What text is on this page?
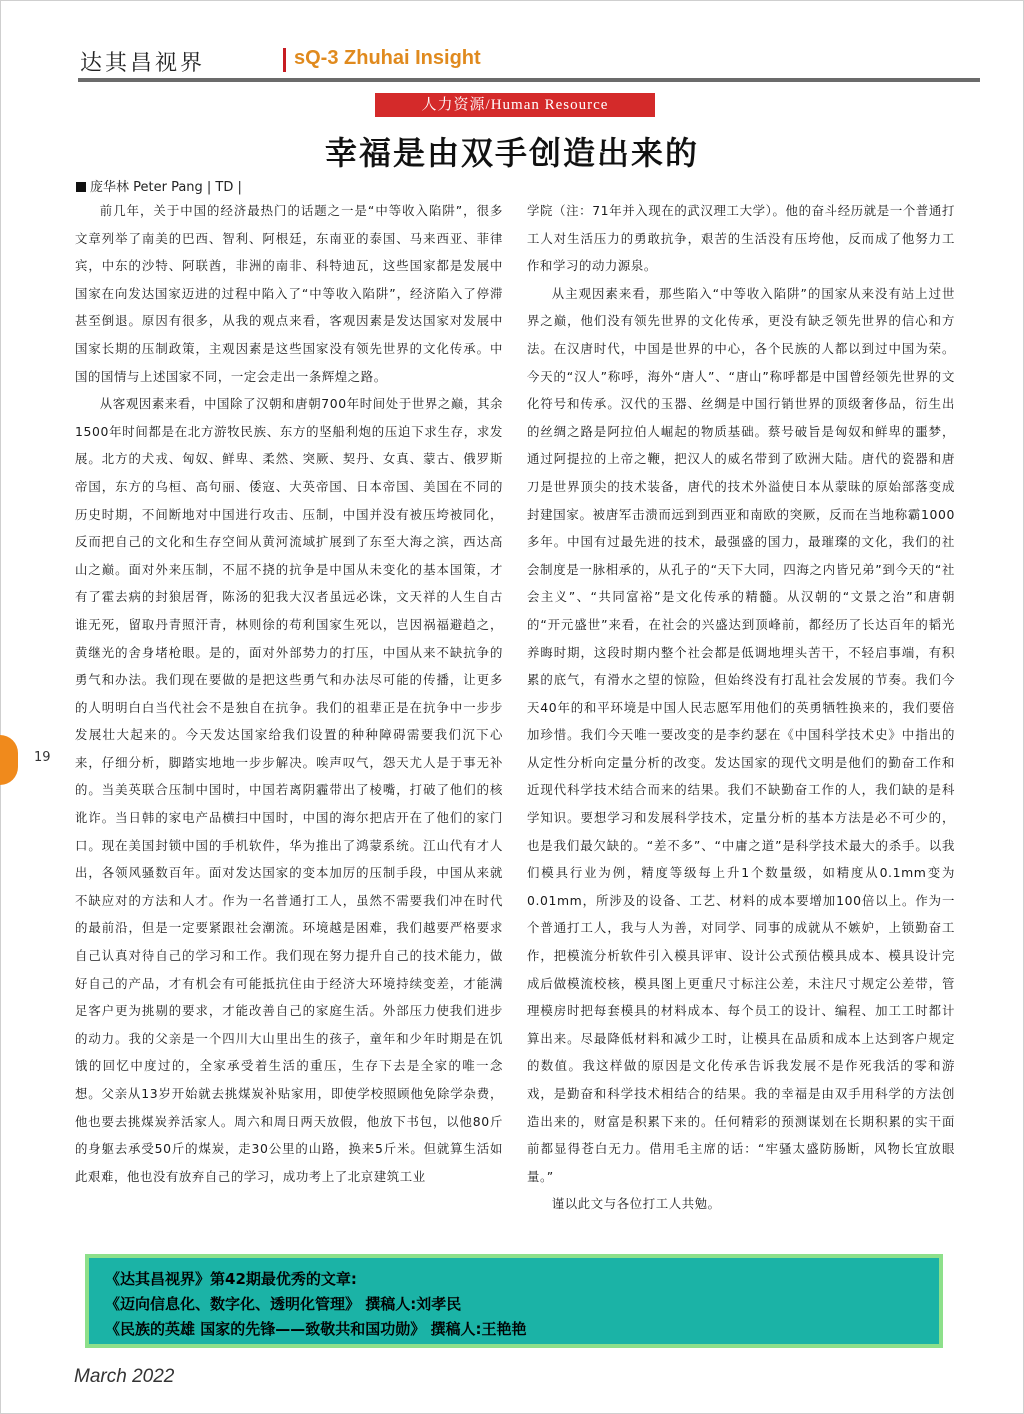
达其昌视界	sQ-3 Zhuhai Insight
人力资源/Human Resource
幸福是由双手创造出来的
庞华林 Peter Pang | TD |

前几年，关于中国的经济最热门的话题之一是“中等收入陷阱”，很多文章列举了南美的巴西、智利、阿根廷，东南亚的泰国、马来西亚、菲律宾，中东的沙特、阿联酋，非洲的南非、科特迪瓦，这些国家都是发展中国家在向发达国家迈进的过程中陷入了“中等收入陷阱”，经济陷入了停滞甚至倒退。原因有很多，从我的观点来看，客观因素是发达国家对发展中国家长期的压制政策，主观因素是这些国家没有领先世界的文化传承。中国的国情与上述国家不同，一定会走出一条辉煌之路。

从客观因素来看，中国除了汉朝和唐朝700年时间处于世界之巅，其余1500年时间都是在北方游牧民族、东方的坚船利炮的压迫下求生存，求发展。北方的犬戎、匈奴、鲜卑、柔然、突厥、契丹、女真、蒙古、俄罗斯帝国，东方的乌桓、高句丽、倭寇、大英帝国、日本帝国、美国在不同的历史时期，不间断地对中国进行攻击、压制，中国并没有被压垮被同化，反而把自己的文化和生存空间从黄河流域扩展到了东至大海之滨，西达高山之巅。面对外来压制，不屈不挠的抗争是中国从未变化的基本国策，才有了霍去病的封狼居胥，陈汤的犯我大汉者虽远必诛，文天祥的人生自古谁无死，留取丹青照汗青，林则徐的苟利国家生死以，岂因祸福避趋之，黄继光的舍身堵枪眼。是的，面对外部势力的打压，中国从来不缺抗争的勇气和办法。我们现在要做的是把这些勇气和办法尽可能的传播，让更多的人明明白白当代社会不是独自在抗争。我们的祖辈正是在抗争中一步步发展壮大起来的。今天发达国家给我们设置的种种障碍需要我们沉下心来，仔细分析，脚踏实地地一步步解决。唉声叹气，怨天尤人是于事无补的。当美英联合压制中国时，中国若离阴霾带出了棱嘴，打破了他们的核讹诈。当日韩的家电产品横扫中国时，中国的海尔把店开在了他们的家门口。现在美国封锁中国的手机软件，华为推出了鸿蒙系统。江山代有才人出，各领风骚数百年。面对发达国家的变本加厉的压制手段，中国从来就不缺应对的方法和人才。作为一名普通打工人，虽然不需要我们冲在时代的最前沿，但是一定要紧跟社会潮流。环境越是困难，我们越要严格要求自己认真对待自己的学习和工作。我们现在努力提升自己的技术能力，做好自己的产品，才有机会有可能抵抗住由于经济大环境持续变差，才能满足客户更为挑剔的要求，才能改善自己的家庭生活。外部压力使我们进步的动力。我的父亲是一个四川大山里出生的孩子，童年和少年时期是在饥饿的回忆中度过的，全家承受着生活的重压，生存下去是全家的唯一念想。父亲从13岁开始就去挑煤炭补贴家用，即使学校照顾他免除学杂费，他也要去挑煤炭养活家人。周六和周日两天放假，他放下书包，以他80斤的身躯去承受50斤的煤炭，走30公里的山路，换来5斤米。但就算生活如此艰难，他也没有放弃自己的学习，成功考上了北京建筑工业

学院（注：71年并入现在的武汉理工大学）。他的奋斗经历就是一个普通打工人对生活压力的勇敢抗争，艰苦的生活没有压垮他，反而成了他努力工作和学习的动力源泉。

从主观因素来看，那些陷入“中等收入陷阱”的国家从来没有站上过世界之巅，他们没有领先世界的文化传承，更没有缺乏领先世界的信心和方法。在汉唐时代，中国是世界的中心，各个民族的人都以到过中国为荣。今天的“汉人”称呼，海外“唐人”、“唐山”称呼都是中国曾经领先世界的文化符号和传承。汉代的玉器、丝绸是中国行销世界的顶级奢侈品，衍生出的丝绸之路是阿拉伯人崛起的物质基础。蔡号破旨是匈奴和鲜卑的噩梦，通过阿提拉的上帝之鞭，把汉人的威名带到了欧洲大陆。唐代的瓷器和唐刀是世界顶尖的技术装备，唐代的技术外溢使日本从蒙昧的原始部落变成封建国家。被唐军击溃而远到到西亚和南欧的突厥，反而在当地称霸1000多年。中国有过最先进的技术，最强盛的国力，最璀璨的文化，我们的社会制度是一脉相承的，从孔子的“天下大同，四海之内皆兄弟”到今天的“社会主义”、“共同富裕”是文化传承的精髓。从汉朝的“文景之治”和唐朝的“开元盛世”来看，在社会的兴盛达到顶峰前，都经历了长达百年的韬光养晦时期，这段时期内整个社会都是低调地埋头苦干，不轻启事端，有积累的底气，有滑水之望的惊险，但始终没有打乱社会发展的节奏。我们今天40年的和平环境是中国人民志愿军用他们的英勇牺牲换来的，我们要倍加珍惜。我们今天唯一要改变的是李约瑟在《中国科学技术史》中指出的从定性分析向定量分析的改变。发达国家的现代文明是他们的勤奋工作和近现代科学技术结合而来的结果。我们不缺勤奋工作的人，我们缺的是科学知识。要想学习和发展科学技术，定量分析的基本方法是必不可少的，也是我们最欠缺的。“差不多”、“中庸之道”是科学技术最大的杀手。以我们模具行业为例，精度等级每上升1个数量级，如精度从0.1mm变为0.01mm，所涉及的设备、工艺、材料的成本要增加100倍以上。作为一个普通打工人，我与人为善，对同学、同事的成就从不嫉妒，上锁勤奋工作，把模流分析软件引入模具评审、设计公式预估模具成本、模具设计完成后做模流校核，模具图上更重尺寸标注公差，未注尺寸规定公差带，管理模房时把每套模具的材料成本、每个员工的设计、编程、加工工时都计算出来。尽最降低材料和减少工时，让模具在品质和成本上达到客户规定的数值。我这样做的原因是文化传承告诉我发展不是作死我活的零和游戏，是勤奋和科学技术相结合的结果。我的幸福是由双手用科学的方法创造出来的，财富是积累下来的。任何精彩的预测谋划在长期积累的实干面前都显得苍白无力。借用毛主席的话：“牢骚太盛防肠断，风物长宜放眼量。”

谨以此文与各位打工人共勉。

19
《达其昌视界》第42期最优秀的文章:
《迈向信息化、数字化、透明化管理》 撰稿人:刘孝民
《民族的英雄 国家的先锋——致敬共和国功勋》 撰稿人:王艳艳
March 2022
